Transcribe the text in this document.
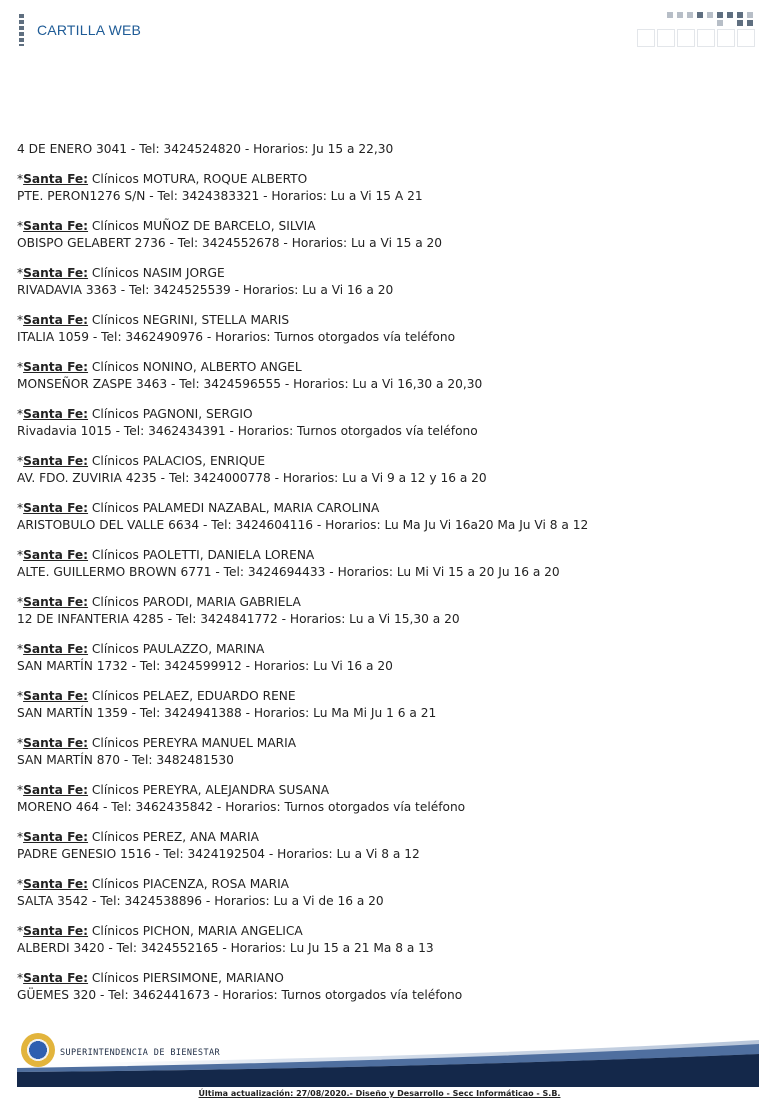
CARTILLA WEB

4 DE ENERO 3041 - Tel: 3424524820 - Horarios: Ju 15 a 22,30

*Santa Fe: Clínicos MOTURA, ROQUE ALBERTO

PTE. PERON1276 S/N - Tel: 3424383321 - Horarios: Lu a Vi 15 A 21

*Santa Fe: Clínicos MUÑOZ DE BARCELO, SILVIA

OBISPO GELABERT 2736 - Tel: 3424552678 - Horarios: Lu a Vi 15 a 20

*Santa Fe: Clínicos NASIM JORGE

RIVADAVIA 3363 - Tel: 3424525539 - Horarios: Lu a Vi 16 a 20

*Santa Fe: Clínicos NEGRINI, STELLA MARIS

ITALIA 1059 - Tel: 3462490976 - Horarios: Turnos otorgados vía teléfono

*Santa Fe: Clínicos NONINO, ALBERTO ANGEL

MONSEÑOR ZASPE 3463 - Tel: 3424596555 - Horarios: Lu a Vi 16,30 a 20,30

*Santa Fe: Clínicos PAGNONI, SERGIO

Rivadavia 1015 - Tel: 3462434391 - Horarios: Turnos otorgados vía teléfono

*Santa Fe: Clínicos PALACIOS, ENRIQUE

AV. FDO. ZUVIRIA 4235 - Tel: 3424000778 - Horarios: Lu a Vi 9 a 12 y 16 a 20

*Santa Fe: Clínicos PALAMEDI NAZABAL, MARIA CAROLINA

ARISTOBULO DEL VALLE 6634 - Tel: 3424604116 - Horarios: Lu Ma Ju Vi 16a20 Ma Ju Vi 8 a 12

*Santa Fe: Clínicos PAOLETTI, DANIELA LORENA

ALTE. GUILLERMO BROWN 6771 - Tel: 3424694433 - Horarios: Lu Mi Vi 15 a 20 Ju 16 a 20

*Santa Fe: Clínicos PARODI, MARIA GABRIELA

12 DE INFANTERIA 4285 - Tel: 3424841772 - Horarios: Lu a Vi 15,30 a 20

*Santa Fe: Clínicos PAULAZZO, MARINA

SAN MARTÍN 1732 - Tel: 3424599912 - Horarios: Lu Vi 16 a 20

*Santa Fe: Clínicos PELAEZ, EDUARDO RENE

SAN MARTÍN 1359 - Tel: 3424941388 - Horarios: Lu Ma Mi Ju 1 6 a 21

*Santa Fe: Clínicos PEREYRA MANUEL MARIA

SAN MARTÍN 870 - Tel: 3482481530

*Santa Fe: Clínicos PEREYRA, ALEJANDRA SUSANA

MORENO 464 - Tel: 3462435842 - Horarios: Turnos otorgados vía teléfono

*Santa Fe: Clínicos PEREZ, ANA MARIA

PADRE GENESIO 1516 - Tel: 3424192504 - Horarios: Lu a Vi 8 a 12

*Santa Fe: Clínicos PIACENZA, ROSA MARIA

SALTA 3542 - Tel: 3424538896 - Horarios: Lu a Vi de 16 a 20

*Santa Fe: Clínicos PICHON, MARIA ANGELICA

ALBERDI 3420 - Tel: 3424552165 - Horarios: Lu Ju 15 a 21 Ma 8 a 13

*Santa Fe: Clínicos PIERSIMONE, MARIANO

GÜEMES 320 - Tel: 3462441673 - Horarios: Turnos otorgados vía teléfono

SUPERINTENDENCIA DE BIENESTAR
Última actualización: 27/08/2020.- Diseño y Desarrollo - Secc Informáticao - S.B.
